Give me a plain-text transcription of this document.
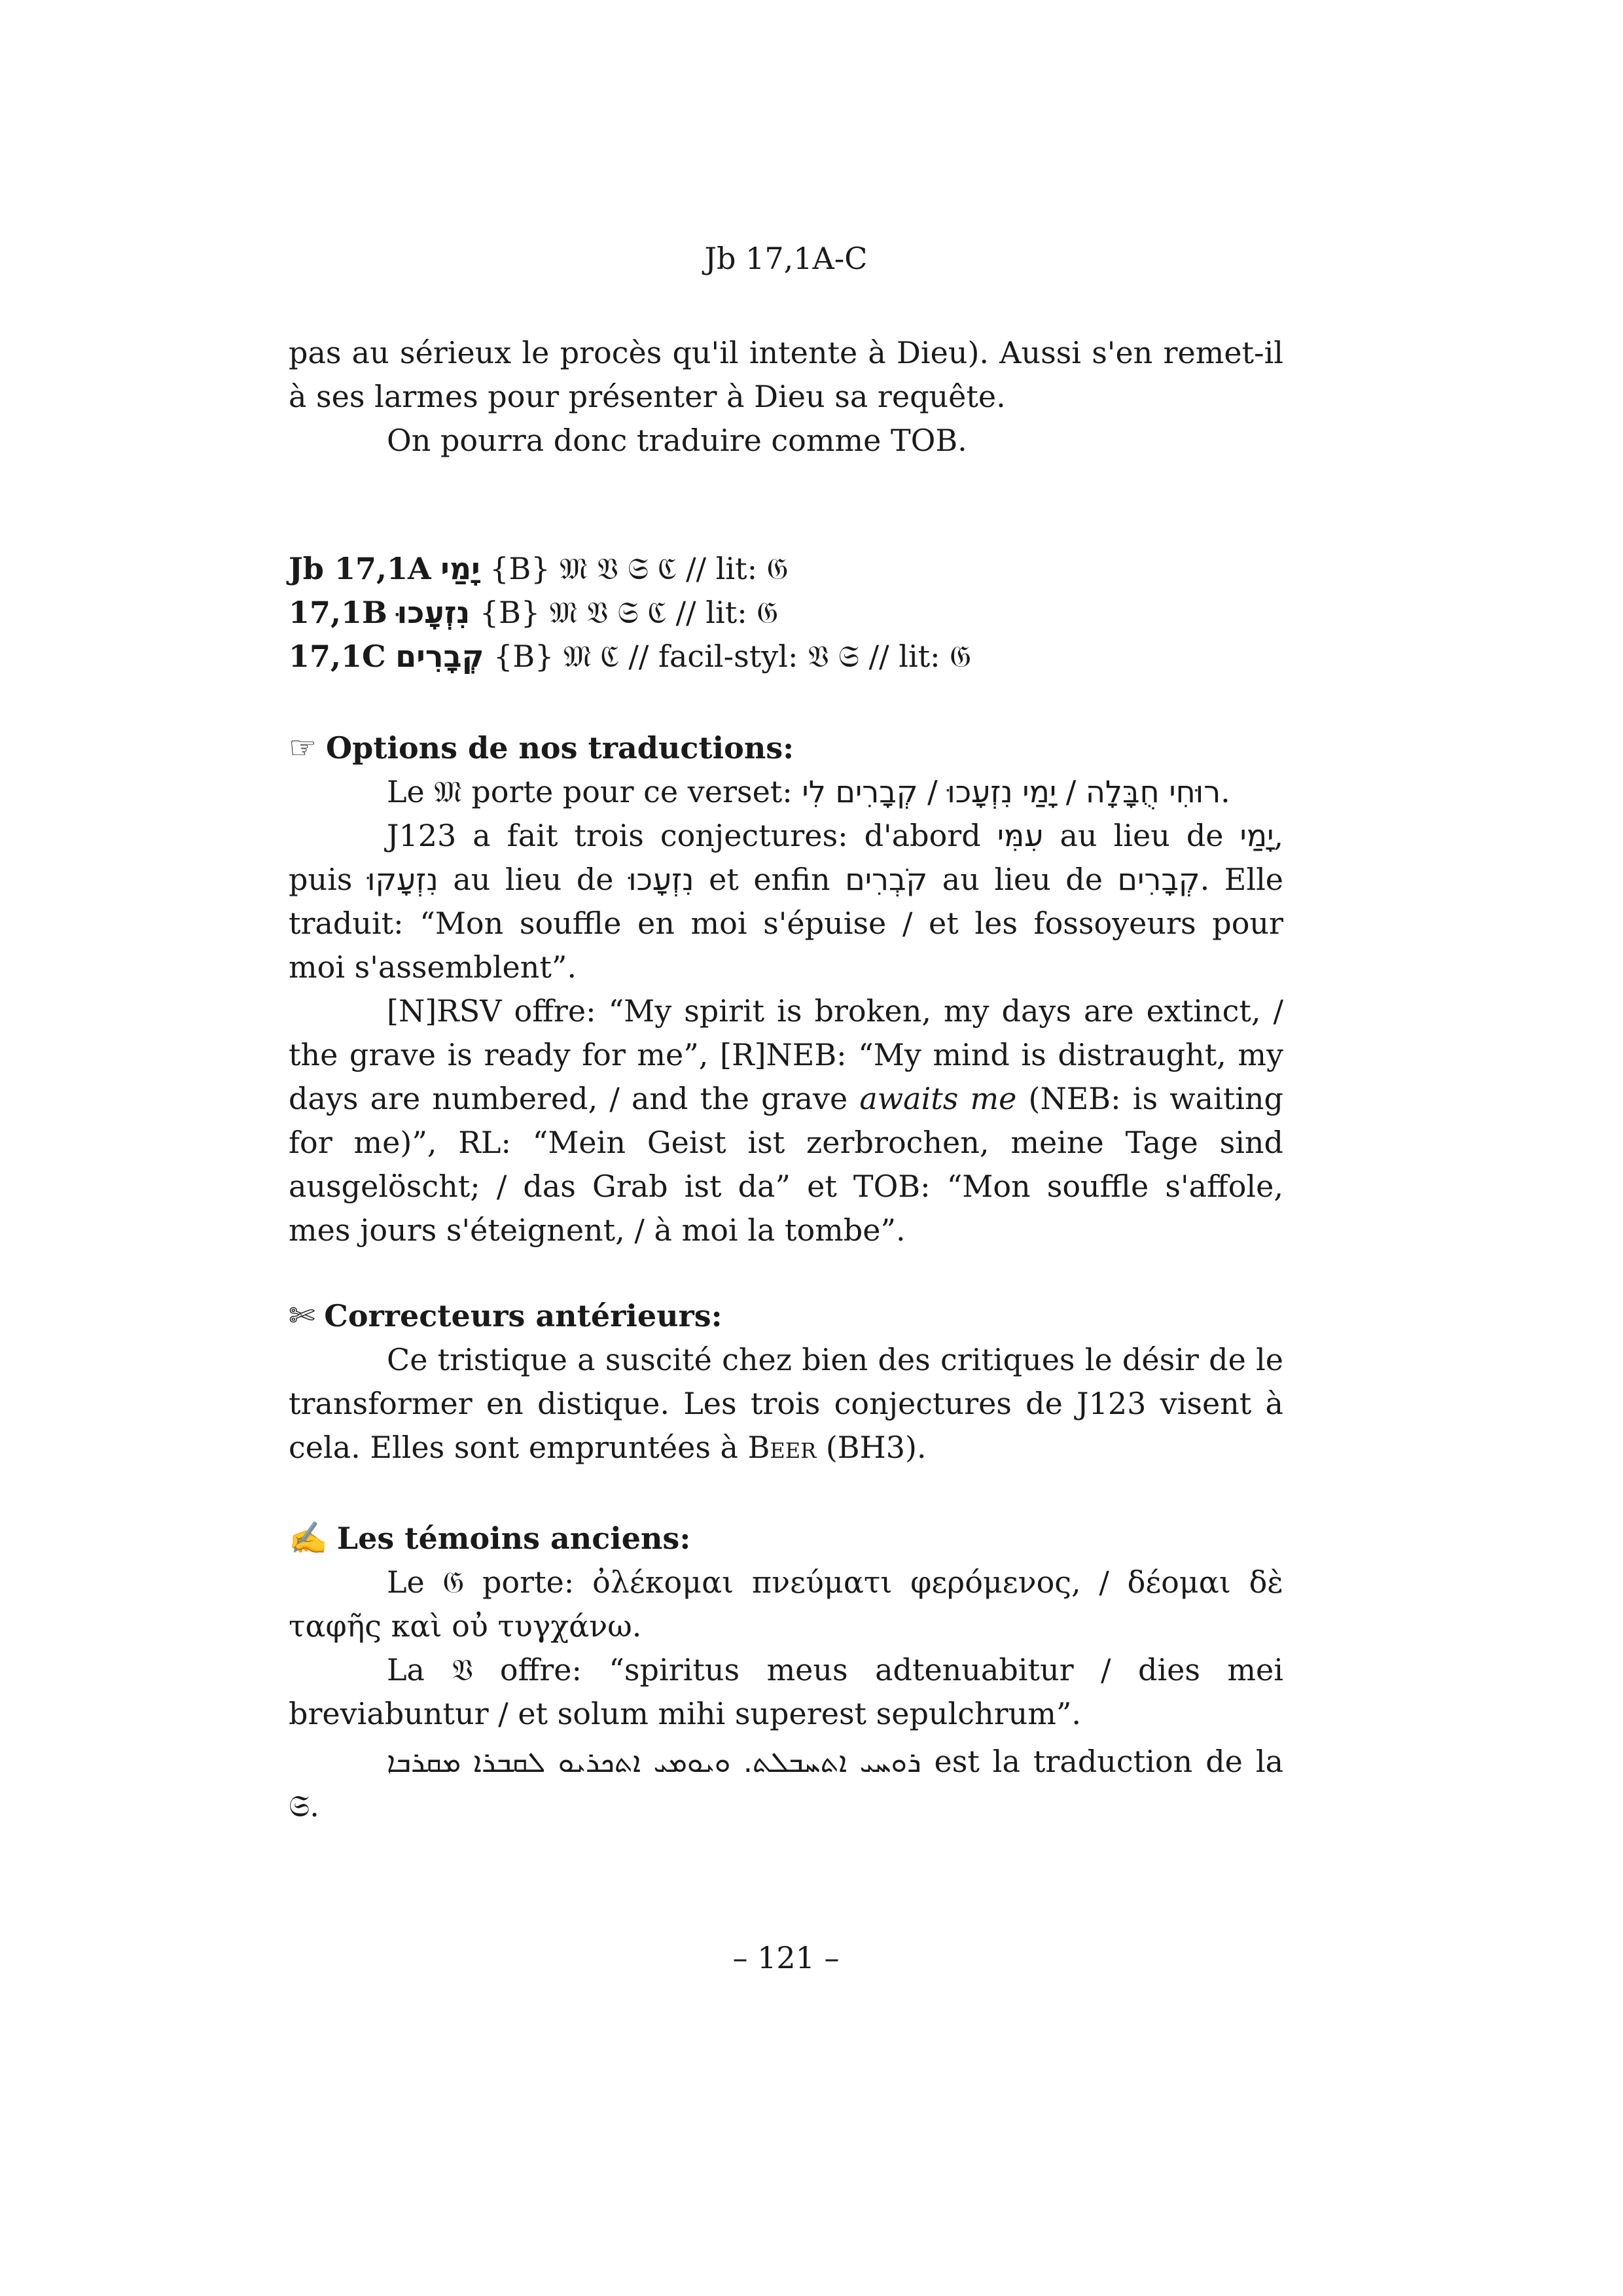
Jb 17,1A-C

pas au sérieux le procès qu'il intente à Dieu). Aussi s'en remet-il à ses larmes pour présenter à Dieu sa requête.

On pourra donc traduire comme TOB.

Jb 17,1A יָמַי {B} 𝔐 𝔙 𝔖 ℭ // lit: 𝔊
17,1B נִזְעָכוּ {B} 𝔐 𝔙 𝔖 ℭ // lit: 𝔊
17,1C קְבָרִים {B} 𝔐 ℭ // facil-styl: 𝔙 𝔖 // lit: 𝔊
☞ Options de nos traductions:

Le 𝔐 porte pour ce verset: רוּחִי חֻבָּלָה / יָמַי נִזְעָכוּ / קְבָרִים לִי.

J123 a fait trois conjectures: d'abord עִמִּי au lieu de יָמַי, puis נִזְעָקוּ au lieu de נִזְעָכוּ et enfin קֹבְרִים au lieu de קְבָרִים. Elle traduit: “Mon souffle en moi s'épuise / et les fossoyeurs pour moi s'assemblent”.

[N]RSV offre: “My spirit is broken, my days are extinct, / the grave is ready for me”, [R]NEB: “My mind is distraught, my days are numbered, / and the grave awaits me (NEB: is waiting for me)”, RL: “Mein Geist ist zerbrochen, meine Tage sind ausgelöscht; / das Grab ist da” et TOB: “Mon souffle s'affole, mes jours s'éteignent, / à moi la tombe”.

✄ Correcteurs antérieurs:

Ce tristique a suscité chez bien des critiques le désir de le transformer en distique. Les trois conjectures de J123 visent à cela. Elles sont empruntées à Beer (BH3).

✍ Les témoins anciens:

Le 𝔊 porte: ὀλέκομαι πνεύματι φερόμενος, / δέομαι δὲ ταφῆς καὶ οὐ τυγχάνω.

La 𝔙 offre: “spiritus meus adtenuabitur / dies mei breviabuntur / et solum mihi superest sepulchrum”.

ܪܘܚܝ ܐܬܚܒܠܬ. ܘܝܘܡܝ ܐܬܟܪܝܘ ܠܩܒܪܐ ܡܩܪܒܐ est la traduction de la 𝔖.

– 121 –
